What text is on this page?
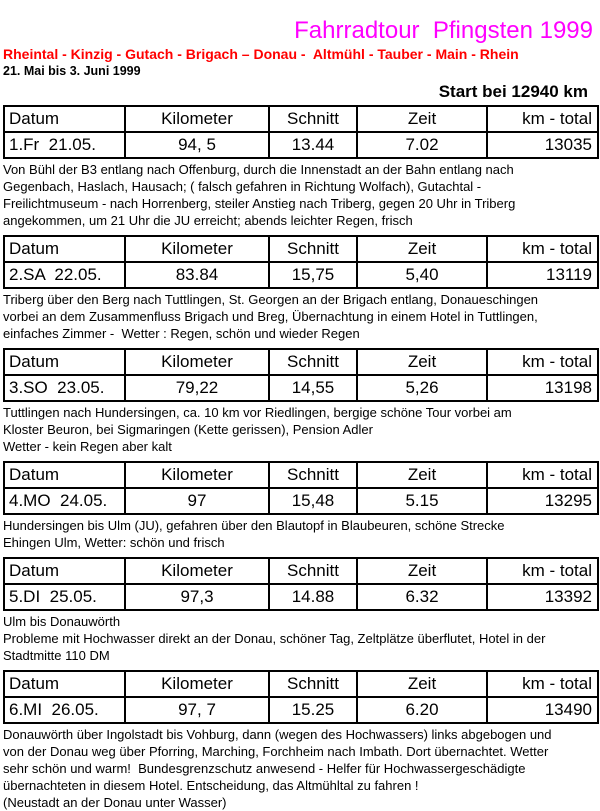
Fahrradtour  Pfingsten 1999
Rheintal - Kinzig - Gutach - Brigach – Donau -  Altmühl - Tauber - Main - Rhein
21. Mai bis 3. Juni 1999
Start bei 12940 km
Datum	Kilometer	Schnitt	Zeit	km - total
1.Fr  21.05.	94, 5	13.44	7.02	13035
Von Bühl der B3 entlang nach Offenburg, durch die Innenstadt an der Bahn entlang nach
Gegenbach, Haslach, Hausach; ( falsch gefahren in Richtung Wolfach), Gutachtal -
Freilichtmuseum - nach Horrenberg, steiler Anstieg nach Triberg, gegen 20 Uhr in Triberg
angekommen, um 21 Uhr die JU erreicht; abends leichter Regen, frisch
Datum	Kilometer	Schnitt	Zeit	km - total
2.SA  22.05.	83.84	15,75	5,40	13119
Triberg über den Berg nach Tuttlingen, St. Georgen an der Brigach entlang, Donaueschingen
vorbei an dem Zusammenfluss Brigach und Breg, Übernachtung in einem Hotel in Tuttlingen,
einfaches Zimmer -  Wetter : Regen, schön und wieder Regen
Datum	Kilometer	Schnitt	Zeit	km - total
3.SO  23.05.	79,22	14,55	5,26	13198
Tuttlingen nach Hundersingen, ca. 10 km vor Riedlingen, bergige schöne Tour vorbei am
Kloster Beuron, bei Sigmaringen (Kette gerissen), Pension Adler
Wetter - kein Regen aber kalt
Datum	Kilometer	Schnitt	Zeit	km - total
4.MO  24.05.	97	15,48	5.15	13295
Hundersingen bis Ulm (JU), gefahren über den Blautopf in Blaubeuren, schöne Strecke
Ehingen Ulm, Wetter: schön und frisch
Datum	Kilometer	Schnitt	Zeit	km - total
5.DI  25.05.	97,3	14.88	6.32	13392
Ulm bis Donauwörth
Probleme mit Hochwasser direkt an der Donau, schöner Tag, Zeltplätze überflutet, Hotel in der
Stadtmitte 110 DM
Datum	Kilometer	Schnitt	Zeit	km - total
6.MI  26.05.	97, 7	15.25	6.20	13490
Donauwörth über Ingolstadt bis Vohburg, dann (wegen des Hochwassers) links abgebogen und
von der Donau weg über Pforring, Marching, Forchheim nach Imbath. Dort übernachtet. Wetter
sehr schön und warm!  Bundesgrenzschutz anwesend - Helfer für Hochwassergeschädigte
übernachteten in diesem Hotel. Entscheidung, das Altmühltal zu fahren !
(Neustadt an der Donau unter Wasser)
